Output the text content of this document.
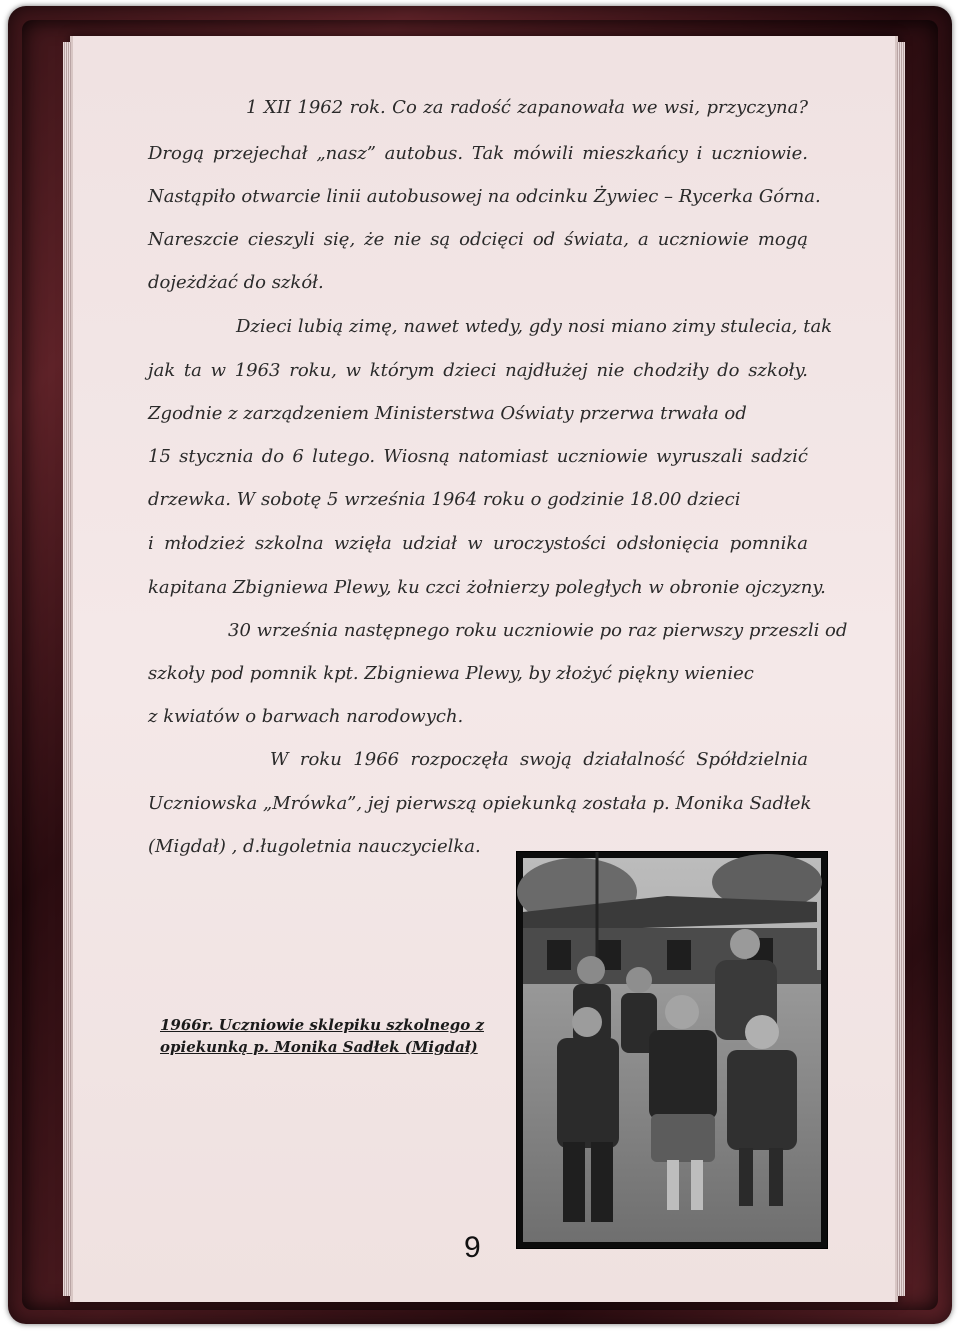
1 XII 1962 rok. Co za radość zapanowała we wsi, przyczyna?
Drogą przejechał „nasz” autobus. Tak mówili mieszkańcy i uczniowie.
Nastąpiło otwarcie linii autobusowej na odcinku Żywiec – Rycerka Górna.
Nareszcie cieszyli się, że nie są odcięci od świata, a uczniowie mogą
dojeżdżać do szkół.
Dzieci lubią zimę, nawet wtedy, gdy nosi miano zimy stulecia, tak
jak ta w 1963 roku, w którym dzieci najdłużej nie chodziły do szkoły.
Zgodnie z zarządzeniem Ministerstwa Oświaty przerwa trwała od
15 stycznia do 6 lutego. Wiosną natomiast uczniowie wyruszali sadzić
drzewka. W sobotę 5 września 1964 roku o godzinie 18.00 dzieci
i młodzież szkolna wzięła udział w uroczystości odsłonięcia pomnika
kapitana Zbigniewa Plewy, ku czci żołnierzy poległych w obronie ojczyzny.
30 września następnego roku uczniowie po raz pierwszy przeszli od
szkoły pod pomnik kpt. Zbigniewa Plewy, by złożyć piękny wieniec
z kwiatów o barwach narodowych.
W roku 1966 rozpoczęła swoją działalność Spółdzielnia
Uczniowska „Mrówka”, jej pierwszą opiekunką została p. Monika Sadłek
(Migdał) , d.ługoletnia nauczycielka.
1966r. Uczniowie sklepiku szkolnego z
opiekunką p. Monika Sadłek (Migdał)
9
